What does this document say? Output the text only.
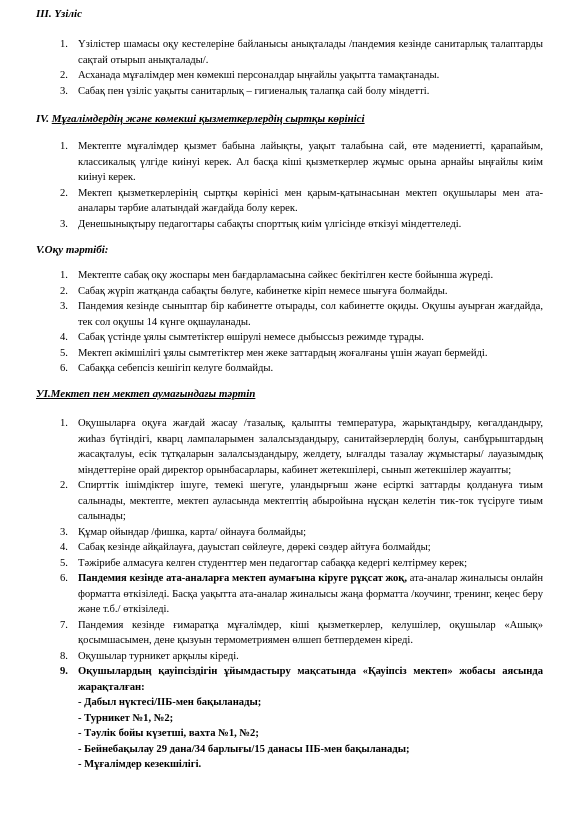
III. Үзіліс
1. Үзілістер шамасы оқу кестелеріне байланысы анықталады /пандемия кезінде санитарлық талаптарды сақтай отырып анықталады/.
2. Асханада мұғалімдер мен көмекші персоналдар ыңғайлы уақытта тамақтанады.
3. Сабақ пен үзіліс уақыты санитарлық – гигиеналық талапқа сай болу міндетті.
IV. Мұғалімдердің және көмекші қызметкерлердің сыртқы көрінісі
1. Мектепте мұғалімдер қызмет бабына лайықты, уақыт талабына сай, өте мәдениетті, қарапайым, классикалық үлгіде киінуі керек. Ал басқа кіші қызметкерлер жұмыс орына арнайы ыңғайлы киім киінуі керек.
2. Мектеп қызметкерлерінің сыртқы көрінісі мен қарым-қатынасынан мектеп оқушылары мен ата-аналары тәрбие алатындай жағдайда болу керек.
3. Денешынықтыру педагогтары сабақты спорттық киім үлгісінде өткізуі міндеттеледі.
V.Оқу тәртібі:
1. Мектепте сабақ оқу жоспары мен бағдарламасына сәйкес бекітілген кесте бойынша жүреді.
2. Сабақ жүріп жатқанда сабақты бөлуге, кабинетке кіріп немесе шығуға болмайды.
3. Пандемия кезінде сыныптар бір кабинетте отырады, сол кабинетте оқиды. Оқушы ауырған жағдайда, тек сол оқушы 14 күнге оқшауланады.
4. Сабақ үстінде ұялы сымтетіктер өшірулі немесе дыбыссыз режимде тұрады.
5. Мектеп әкімшілігі ұялы сымтетіктер мен жеке заттардың жоғалғаны үшін жауап бермейді.
6. Сабаққа себепсіз кешігіп келуге болмайды.
УІ.Мектеп пен мектеп аумағындағы тәртіп
1. Оқушыларға оқуға жағдай жасау /тазалық, қалыпты температура, жарықтандыру, көгалдандыру, жиһаз бүтіндігі, кварц лампаларымен залалсыздандыру, санитайзерлердің болуы, санбұрыштардың жасақталуы, есік тұтқаларын залалсыздандыру, желдету, ылғалды тазалау жұмыстары/ лауазымдық міндеттеріне орай директор орынбасарлары, кабинет жетекшілері, сынып жетекшілер жауапты;
2. Спирттік ішімдіктер ішуге, темекі шегуге, уландырғыш және есірткі заттарды қолдануға тиым салынады, мектепте, мектеп ауласында мектептің абыройына нұсқан келетін тик-ток түсіруге тиым салынады;
3. Құмар ойындар /фишка, карта/ ойнауға болмайды;
4. Сабақ кезінде айқайлауға, дауыстап сөйлеуге, дөрекі сөздер айтуға болмайды;
5. Тәжірибе алмасуға келген студенттер мен педагогтар сабаққа кедергі келтірмеу керек;
6. Пандемия кезінде ата-аналарға мектеп аумағына кіруге рұқсат жоқ, ата-аналар жиналысы онлайн форматта өткізіледі. Басқа уақытта ата-аналар жиналысы жаңа форматта /коучинг, тренинг, кеңес беру және т.б./ өткізіледі.
7. Пандемия кезінде ғимаратқа мұғалімдер, кіші қызметкерлер, келушілер, оқушылар «Ашық» қосымшасымен, дене қызуын термометриямен өлшеп бетпердемен кіреді.
8. Оқушылар турникет арқылы кіреді.
9. Оқушылардың қауіпсіздігін ұйымдастыру мақсатында «Қауіпсіз мектеп» жобасы аясында жарақталған:
- Дабыл нүктесі/ІІБ-мен бақыланады;
- Турникет №1, №2;
- Тәулік бойы күзетші, вахта №1, №2;
- Бейнебақылау 29 дана/34 барлығы/15 данасы ІІБ-мен бақыланады;
- Мұғалімдер кезекшілігі.
